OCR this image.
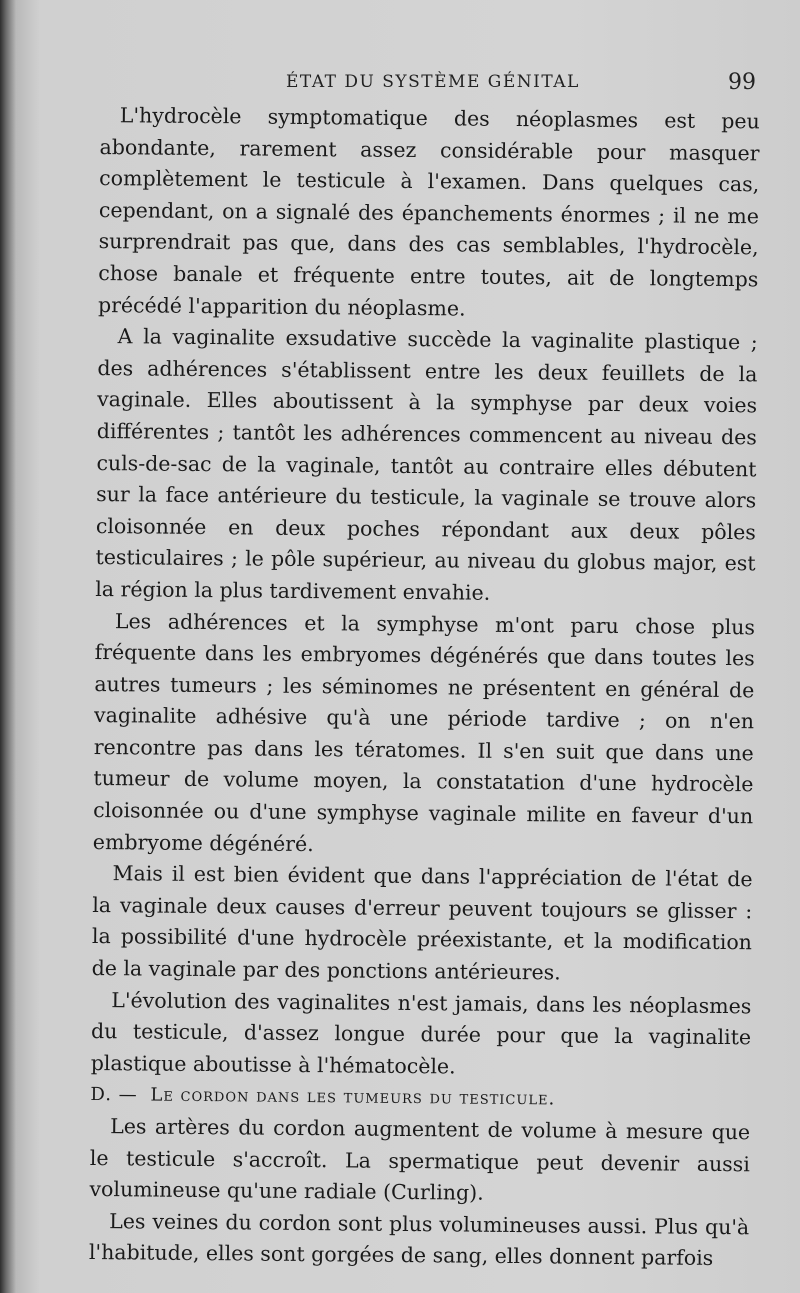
ÉTAT DU SYSTÈME GÉNITAL	99

L'hydrocèle symptomatique des néoplasmes est peu abondante, rarement assez considérable pour masquer complètement le testicule à l'examen. Dans quelques cas, cependant, on a signalé des épanchements énormes ; il ne me surprendrait pas que, dans des cas semblables, l'hydrocèle, chose banale et fréquente entre toutes, ait de longtemps précédé l'apparition du néoplasme.

A la vaginalite exsudative succède la vaginalite plastique ; des adhérences s'établissent entre les deux feuillets de la vaginale. Elles aboutissent à la symphyse par deux voies différentes ; tantôt les adhérences commencent au niveau des culs-de-sac de la vaginale, tantôt au contraire elles débutent sur la face antérieure du testicule, la vaginale se trouve alors cloisonnée en deux poches répondant aux deux pôles testiculaires ; le pôle supérieur, au niveau du globus major, est la région la plus tardivement envahie.

Les adhérences et la symphyse m'ont paru chose plus fréquente dans les embryomes dégénérés que dans toutes les autres tumeurs ; les séminomes ne présentent en général de vaginalite adhésive qu'à une période tardive ; on n'en rencontre pas dans les tératomes. Il s'en suit que dans une tumeur de volume moyen, la constatation d'une hydrocèle cloisonnée ou d'une symphyse vaginale milite en faveur d'un embryome dégénéré.

Mais il est bien évident que dans l'appréciation de l'état de la vaginale deux causes d'erreur peuvent toujours se glisser : la possibilité d'une hydrocèle préexistante, et la modification de la vaginale par des ponctions antérieures.

L'évolution des vaginalites n'est jamais, dans les néoplasmes du testicule, d'assez longue durée pour que la vaginalite plastique aboutisse à l'hématocèle.

D. — Le cordon dans les tumeurs du testicule.

Les artères du cordon augmentent de volume à mesure que le testicule s'accroît. La spermatique peut devenir aussi volumineuse qu'une radiale (Curling).

Les veines du cordon sont plus volumineuses aussi. Plus qu'à l'habitude, elles sont gorgées de sang, elles donnent parfois
